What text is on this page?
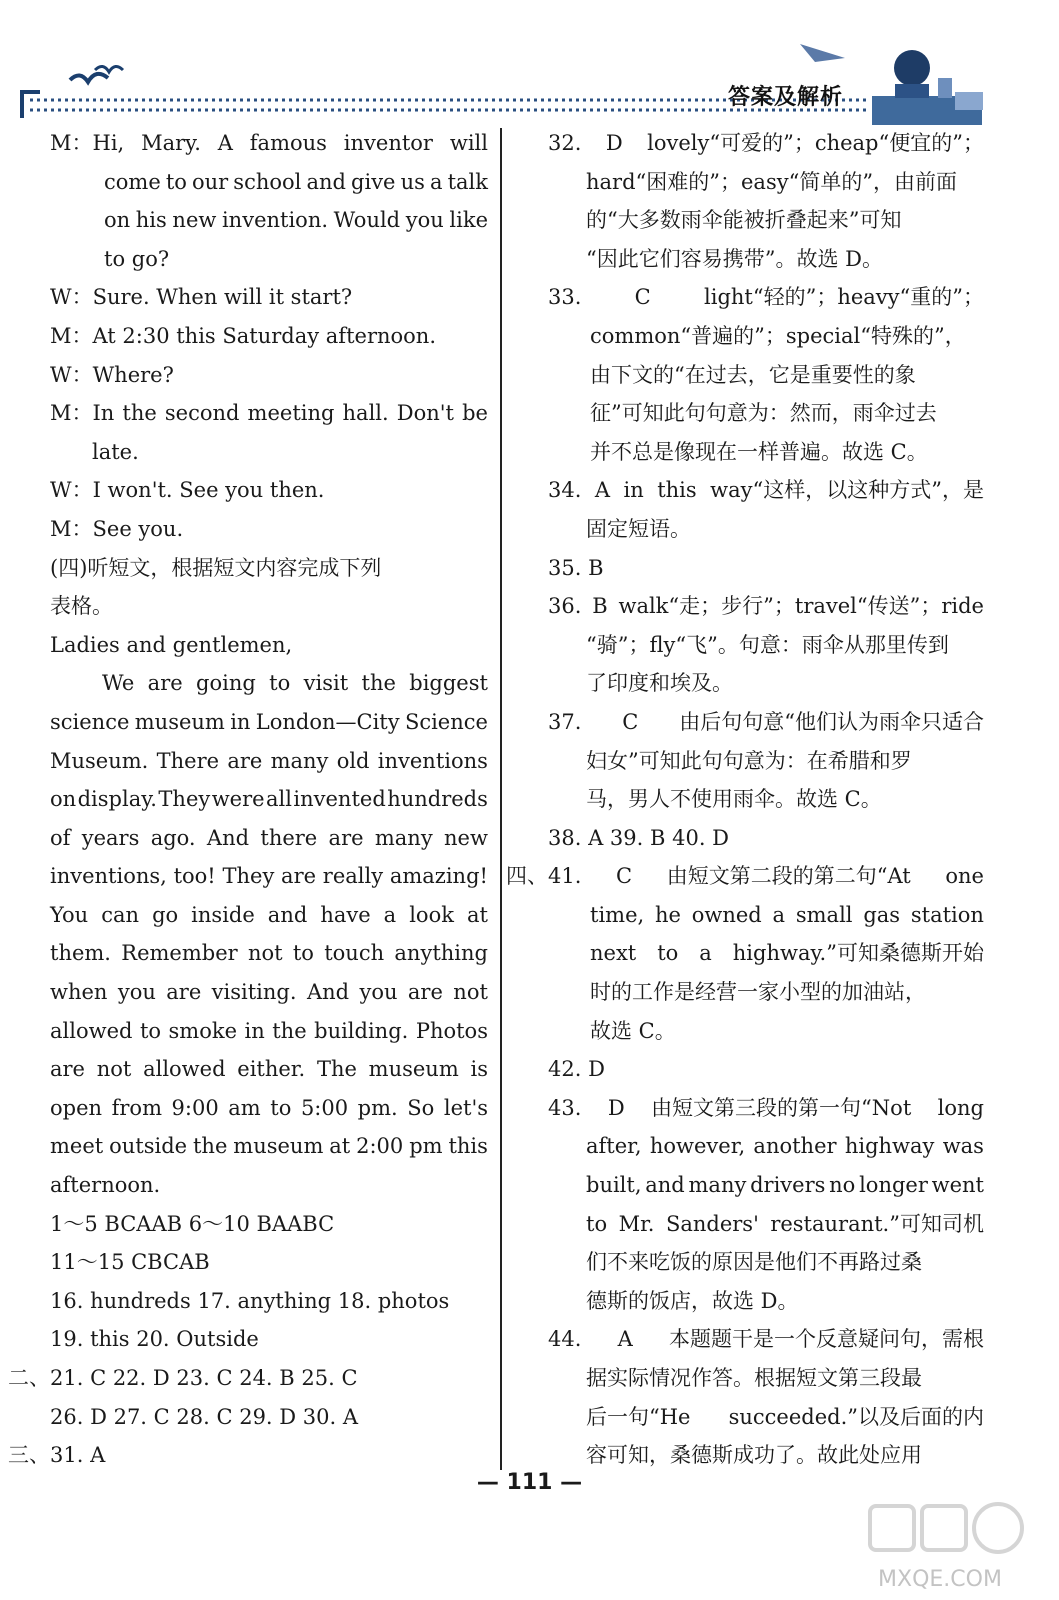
答案及解析
M：Hi, Mary. A famous inventor will
come to our school and give us a talk
on his new invention. Would you like
to go?
W：Sure. When will it start?
M：At 2:30 this Saturday afternoon.
W：Where?
M：In the second meeting hall. Don't be
late.
W：I won't. See you then.
M：See you.
(四)听短文，根据短文内容完成下列
表格。
Ladies and gentlemen,
We are going to visit the biggest
science museum in London—City Science
Museum. There are many old inventions
on display. They were all invented hundreds
of years ago. And there are many new
inventions, too! They are really amazing!
You can go inside and have a look at
them. Remember not to touch anything
when you are visiting. And you are not
allowed to smoke in the building. Photos
are not allowed either. The museum is
open from 9:00 am to 5:00 pm. So let's
meet outside the museum at 2:00 pm this
afternoon.
1～5 BCAAB 6～10 BAABC
11～15 CBCAB
16. hundreds 17. anything 18. photos
19. this 20. Outside
二、21. C 22. D 23. C 24. B 25. C
26. D 27. C 28. C 29. D 30. A
三、31. A
32. D lovely“可爱的”；cheap“便宜的”；
hard“困难的”；easy“简单的”，由前面
的“大多数雨伞能被折叠起来”可知
“因此它们容易携带”。故选 D。
33.	C	light“轻的”；heavy“重的”；
common“普遍的”；special“特殊的”，
由下文的“在过去，它是重要性的象
征”可知此句句意为：然而，雨伞过去
并不总是像现在一样普遍。故选 C。
34. A in this way“这样，以这种方式”，是
固定短语。
35. B
36. B walk“走；步行”；travel“传送”；ride
“骑”；fly“飞”。句意：雨伞从那里传到
了印度和埃及。
37. C 由后句句意“他们认为雨伞只适合
妇女”可知此句句意为：在希腊和罗
马，男人不使用雨伞。故选 C。
38. A 39. B 40. D
四、41. C 由短文第二段的第二句“At one
time, he owned a small gas station
next to a highway.”可知桑德斯开始
时的工作是经营一家小型的加油站，
故选 C。
42. D
43. D 由短文第三段的第一句“Not long
after, however, another highway was
built, and many drivers no longer went
to Mr. Sanders' restaurant.”可知司机
们不来吃饭的原因是他们不再路过桑
德斯的饭店，故选 D。
44. A 本题题干是一个反意疑问句，需根
据实际情况作答。根据短文第三段最
后一句“He succeeded.”以及后面的内
容可知，桑德斯成功了。故此处应用
— 111 —
MXQE.COM
